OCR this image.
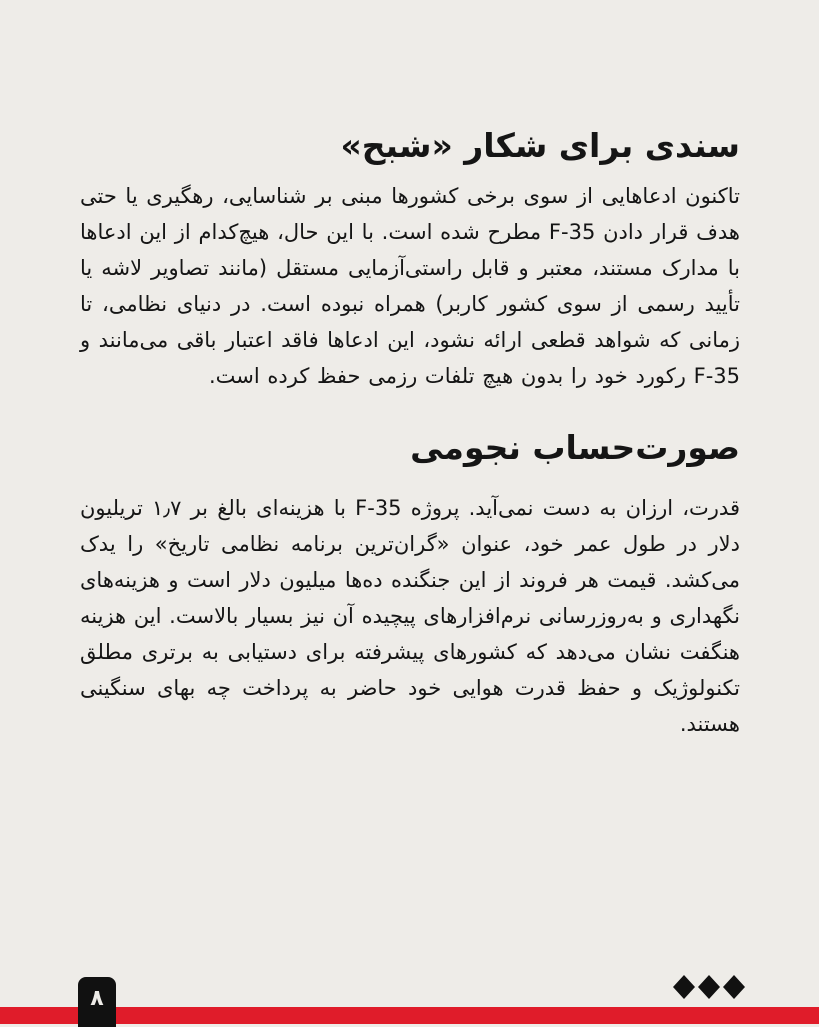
سندی برای شکار «شبح»

تاکنون ادعاهایی از سوی برخی کشورها مبنی بر شناسایی، رهگیری یا حتی هدف قرار دادن F-35 مطرح شده است. با این حال، هیچ‌کدام از این ادعاها با مدارک مستند، معتبر و قابل راستی‌آزمایی مستقل (مانند تصاویر لاشه یا تأیید رسمی از سوی کشور کاربر) همراه نبوده است. در دنیای نظامی، تا زمانی که شواهد قطعی ارائه نشود، این ادعاها فاقد اعتبار باقی می‌مانند و F-35 رکورد خود را بدون هیچ تلفات رزمی حفظ کرده است.

صورت‌حساب نجومی

قدرت، ارزان به دست نمی‌آید. پروژه F-35 با هزینه‌ای بالغ بر ۱٫۷ تریلیون دلار در طول عمر خود، عنوان «گران‌ترین برنامه نظامی تاریخ» را یدک می‌کشد. قیمت هر فروند از این جنگنده ده‌ها میلیون دلار است و هزینه‌های نگهداری و به‌روزرسانی نرم‌افزارهای پیچیده آن نیز بسیار بالاست. این هزینه هنگفت نشان می‌دهد که کشورهای پیشرفته برای دستیابی به برتری مطلق تکنولوژیک و حفظ قدرت هوایی خود حاضر به پرداخت چه بهای سنگینی هستند.

۸
